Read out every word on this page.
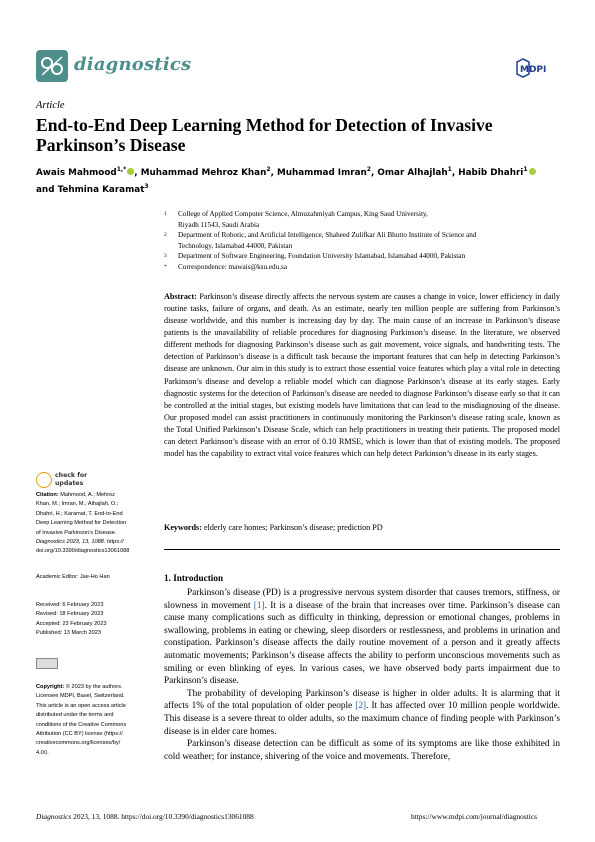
diagnostics	MDPI
Article
End-to-End Deep Learning Method for Detection of Invasive
Parkinson’s Disease
Awais Mahmood$^{1,*}$ , Muhammad Mehroz Khan$^2$, Muhammad Imran$^2$, Omar Alhajlah$^1$, Habib Dhahri$^1$
and Tehmina Karamat$^3$
1	College of Applied Computer Science, Almuzahmiyah Campus, King Saud University,
Riyadh 11543, Saudi Arabia
2	Department of Robotic, and Artificial Intelligence, Shaheed Zulifkar Ali Bhutto Institute of Science and
Technology, Islamabad 44000, Pakistan
3	Department of Software Engineering, Foundation University Islamabad, Islamabad 44000, Pakistan
*	Correspondence: mawais@ksu.edu.sa
Abstract: Parkinson’s disease directly affects the nervous system are causes a change in voice, lower efficiency in daily routine tasks, failure of organs, and death. As an estimate, nearly ten million people are suffering from Parkinson’s disease worldwide, and this number is increasing day by day. The main cause of an increase in Parkinson’s disease patients is the unavailability of reliable procedures for diagnosing Parkinson’s disease. In the literature, we observed different methods for diagnosing Parkinson’s disease such as gait movement, voice signals, and handwriting tests. The detection of Parkinson’s disease is a difficult task because the important features that can help in detecting Parkinson’s disease are unknown. Our aim in this study is to extract those essential voice features which play a vital role in detecting Parkinson’s disease and develop a reliable model which can diagnose Parkinson’s disease at its early stages. Early diagnostic systems for the detection of Parkinson’s disease are needed to diagnose Parkinson’s disease early so that it can be controlled at the initial stages, but existing models have limitations that can lead to the misdiagnosing of the disease. Our proposed model can assist practitioners in continuously monitoring the Parkinson’s disease rating scale, known as the Total Unified Parkinson’s Disease Scale, which can help practitioners in treating their patients. The proposed model can detect Parkinson’s disease with an error of 0.10 RMSE, which is lower than that of existing models. The proposed model has the capability to extract vital voice features which can help detect Parkinson’s disease in its early stages.
Keywords: elderly care homes; Parkinson’s disease; prediction PD
check for
updates
Citation: Mahmood, A.; Mehroz
Khan, M.; Imran, M.; Alhajlah, O.;
Dhahri, H.; Karamat, T. End-to-End
Deep Learning Method for Detection
of Invasive Parkinson’s Disease.
Diagnostics 2023, 13, 1088. https://
doi.org/10.3390/diagnostics13061088
Academic Editor: Jae-Ho Han
Received: 6 February 2023
Revised: 18 February 2023
Accepted: 23 February 2023
Published: 13 March 2023
Copyright: © 2023 by the authors.
Licensee MDPI, Basel, Switzerland.
This article is an open access article
distributed under the terms and
conditions of the Creative Commons
Attribution (CC BY) license (https://
creativecommons.org/licenses/by/
4.0/).
1. Introduction

Parkinson’s disease (PD) is a progressive nervous system disorder that causes tremors, stiffness, or slowness in movement [1]. It is a disease of the brain that increases over time. Parkinson’s disease can cause many complications such as difficulty in thinking, depression or emotional changes, problems in swallowing, problems in eating or chewing, sleep disorders or restlessness, and problems in urination and constipation. Parkinson’s disease affects the daily routine movement of a person and it greatly affects automatic movements; Parkinson’s disease affects the ability to perform unconscious movements such as smiling or even blinking of eyes. In various cases, we have observed body parts impairment due to Parkinson’s disease.

The probability of developing Parkinson’s disease is higher in older adults. It is alarming that it affects 1% of the total population of older people [2]. It has affected over 10 million people worldwide. This disease is a severe threat to older adults, so the maximum chance of finding people with Parkinson’s disease is in elder care homes.

Parkinson’s disease detection can be difficult as some of its symptoms are like those exhibited in cold weather; for instance, shivering of the voice and movements. Therefore,

Diagnostics 2023, 13, 1088. https://doi.org/10.3390/diagnostics13061088	https://www.mdpi.com/journal/diagnostics
